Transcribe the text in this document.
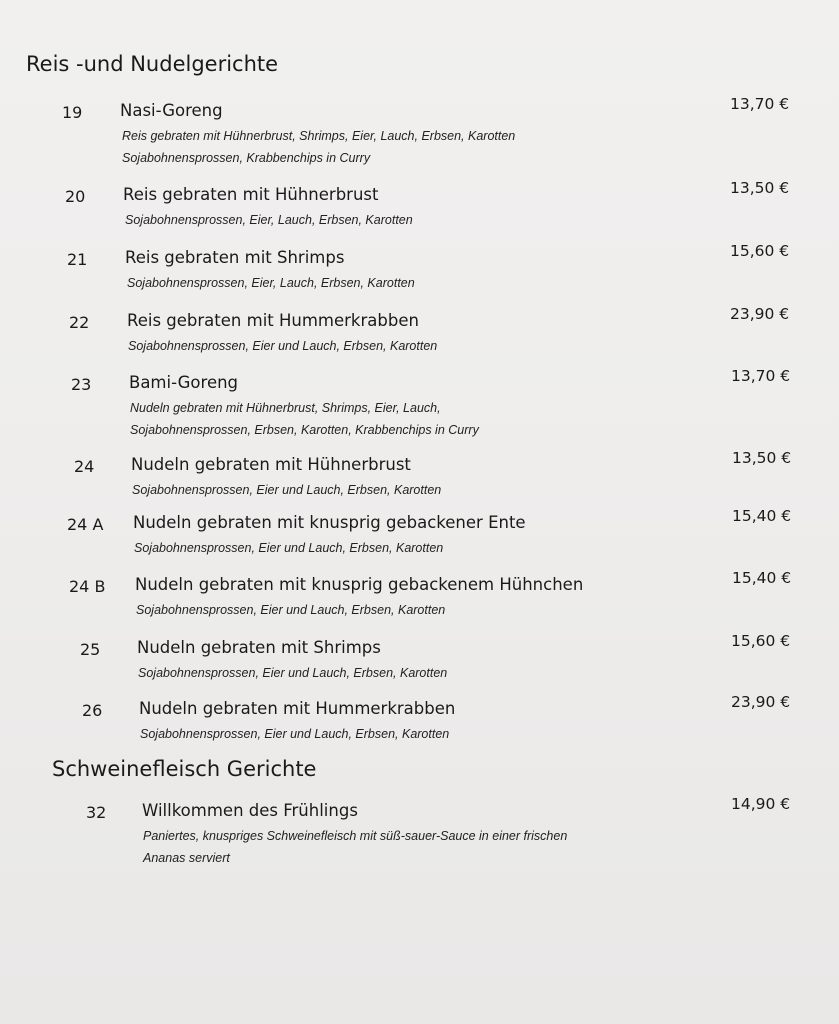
Reis -und Nudelgerichte
19 Nasi-Goreng
Reis gebraten mit Hühnerbrust, Shrimps, Eier, Lauch, Erbsen, Karotten
Sojabohnensprossen, Krabbenchips in Curry
13,70 €
20 Reis gebraten mit Hühnerbrust
Sojabohnensprossen, Eier, Lauch, Erbsen, Karotten
13,50 €
21 Reis gebraten mit Shrimps
Sojabohnensprossen, Eier, Lauch, Erbsen, Karotten
15,60 €
22 Reis gebraten mit Hummerkrabben
Sojabohnensprossen, Eier und Lauch, Erbsen, Karotten
23,90 €
23 Bami-Goreng
Nudeln gebraten mit Hühnerbrust, Shrimps, Eier, Lauch,
Sojabohnensprossen, Erbsen, Karotten, Krabbenchips in Curry
13,70 €
24 Nudeln gebraten mit Hühnerbrust
Sojabohnensprossen, Eier und Lauch, Erbsen, Karotten
13,50 €
24 A Nudeln gebraten mit knusprig gebackener Ente
Sojabohnensprossen, Eier und Lauch, Erbsen, Karotten
15,40 €
24 B Nudeln gebraten mit knusprig gebackenem Hühnchen
Sojabohnensprossen, Eier und Lauch, Erbsen, Karotten
15,40 €
25 Nudeln gebraten mit Shrimps
Sojabohnensprossen, Eier und Lauch, Erbsen, Karotten
15,60 €
26 Nudeln gebraten mit Hummerkrabben
Sojabohnensprossen, Eier und Lauch, Erbsen, Karotten
23,90 €
Schweinefleisch Gerichte
32 Willkommen des Frühlings
Paniertes, knuspriges Schweinefleisch mit süß-sauer-Sauce in einer frischen
Ananas serviert
14,90 €
